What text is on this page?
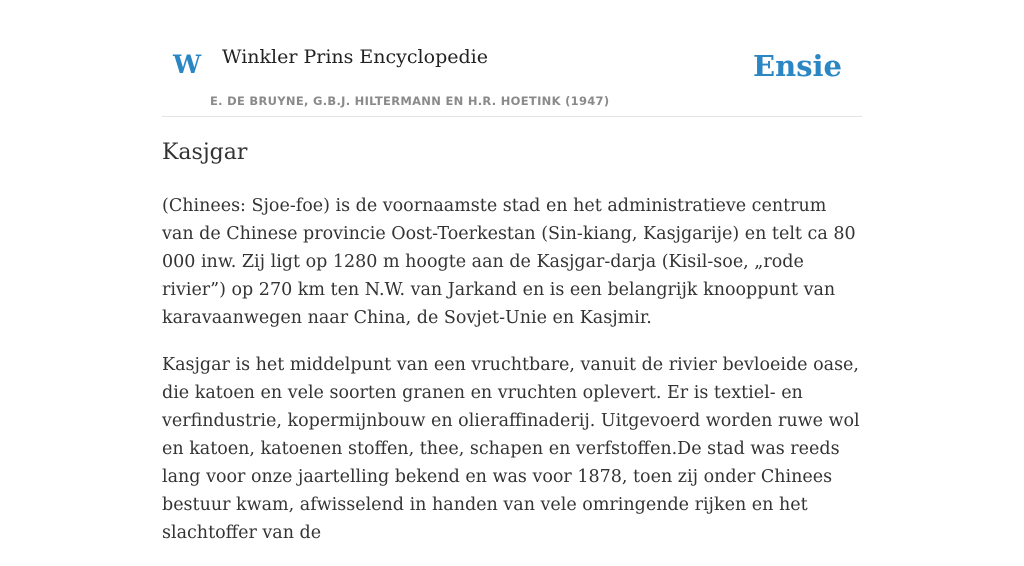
W Winkler Prins Encyclopedie
E. DE BRUYNE, G.B.J. HILTERMANN EN H.R. HOETINK (1947)
Ensie
Kasjgar

(Chinees: Sjoe-foe) is de voornaamste stad en het administratieve centrum van de Chinese provincie Oost-Toerkestan (Sin-kiang, Kasjgarije) en telt ca 80 000 inw. Zij ligt op 1280 m hoogte aan de Kasjgar-darja (Kisil-soe, „rode rivier”) op 270 km ten N.W. van Jarkand en is een belangrijk knooppunt van karavaanwegen naar China, de Sovjet-Unie en Kasjmir.

Kasjgar is het middelpunt van een vruchtbare, vanuit de rivier bevloeide oase, die katoen en vele soorten granen en vruchten oplevert. Er is textiel- en verfindustrie, kopermijnbouw en olieraffinaderij. Uitgevoerd worden ruwe wol en katoen, katoenen stoffen, thee, schapen en verfstoffen.De stad was reeds lang voor onze jaartelling bekend en was voor 1878, toen zij onder Chinees bestuur kwam, afwisselend in handen van vele omringende rijken en het slachtoffer van de
